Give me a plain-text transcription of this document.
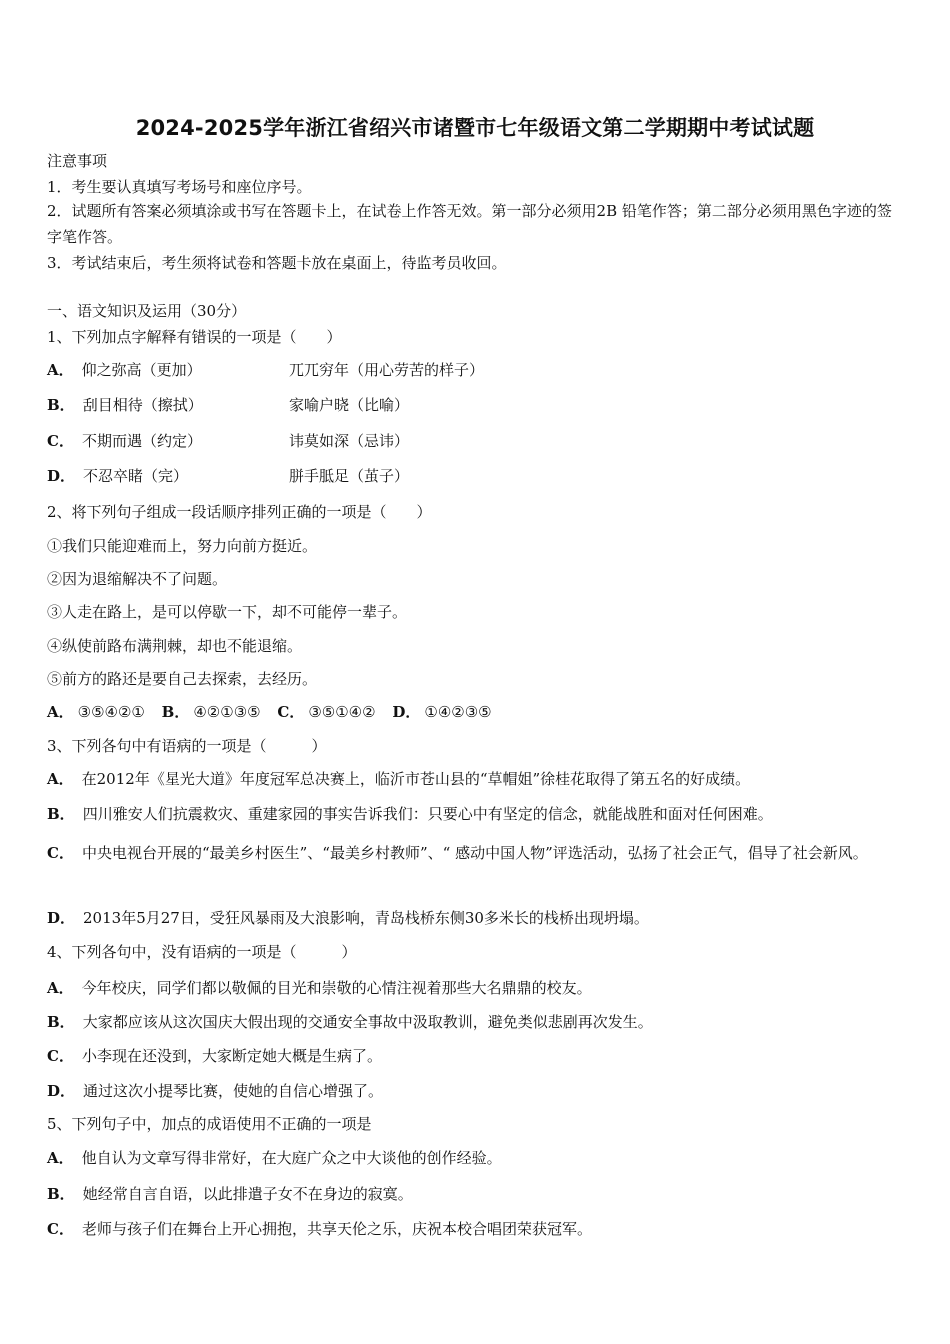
2024-2025学年浙江省绍兴市诸暨市七年级语文第二学期期中考试试题
注意事项
1．考生要认真填写考场号和座位序号。
2．试题所有答案必须填涂或书写在答题卡上，在试卷上作答无效。第一部分必须用2B 铅笔作答；第二部分必须用黑色字迹的签字笔作答。
3．考试结束后，考生须将试卷和答题卡放在桌面上，待监考员收回。
一、语文知识及运用（30分）
1、下列加点字解释有错误的一项是（　　）
A． 仰之弥高（更加）	兀兀穷年（用心劳苦的样子）
B． 刮目相待（擦拭）	家喻户晓（比喻）
C． 不期而遇（约定）	讳莫如深（忌讳）
D． 不忍卒睹（完）	胼手胝足（茧子）
2、将下列句子组成一段话顺序排列正确的一项是（　　）
①我们只能迎难而上，努力向前方挺近。
②因为退缩解决不了问题。
③人走在路上，是可以停歇一下，却不可能停一辈子。
④纵使前路布满荆棘，却也不能退缩。
⑤前方的路还是要自己去探索，去经历。
A． ③⑤④②① B． ④②①③⑤ C． ③⑤①④② D． ①④②③⑤
3、下列各句中有语病的一项是（　　　）
A． 在2012年《星光大道》年度冠军总决赛上，临沂市苍山县的“草帽姐”徐桂花取得了第五名的好成绩。
B． 四川雅安人们抗震救灾、重建家园的事实告诉我们：只要心中有坚定的信念，就能战胜和面对任何困难。
C． 中央电视台开展的“最美乡村医生”、“最美乡村教师”、“ 感动中国人物”评选活动，弘扬了社会正气，倡导了社会新风。
D． 2013年5月27日，受狂风暴雨及大浪影响，青岛栈桥东侧30多米长的栈桥出现坍塌。
4、下列各句中，没有语病的一项是（　　　）
A． 今年校庆，同学们都以敬佩的目光和崇敬的心情注视着那些大名鼎鼎的校友。
B． 大家都应该从这次国庆大假出现的交通安全事故中汲取教训，避免类似悲剧再次发生。
C． 小李现在还没到，大家断定她大概是生病了。
D． 通过这次小提琴比赛，使她的自信心增强了。
5、下列句子中，加点的成语使用不正确的一项是
A． 他自认为文章写得非常好，在大庭广众之中大谈他的创作经验。
B． 她经常自言自语，以此排遣子女不在身边的寂寞。
C． 老师与孩子们在舞台上开心拥抱，共享天伦之乐，庆祝本校合唱团荣获冠军。
